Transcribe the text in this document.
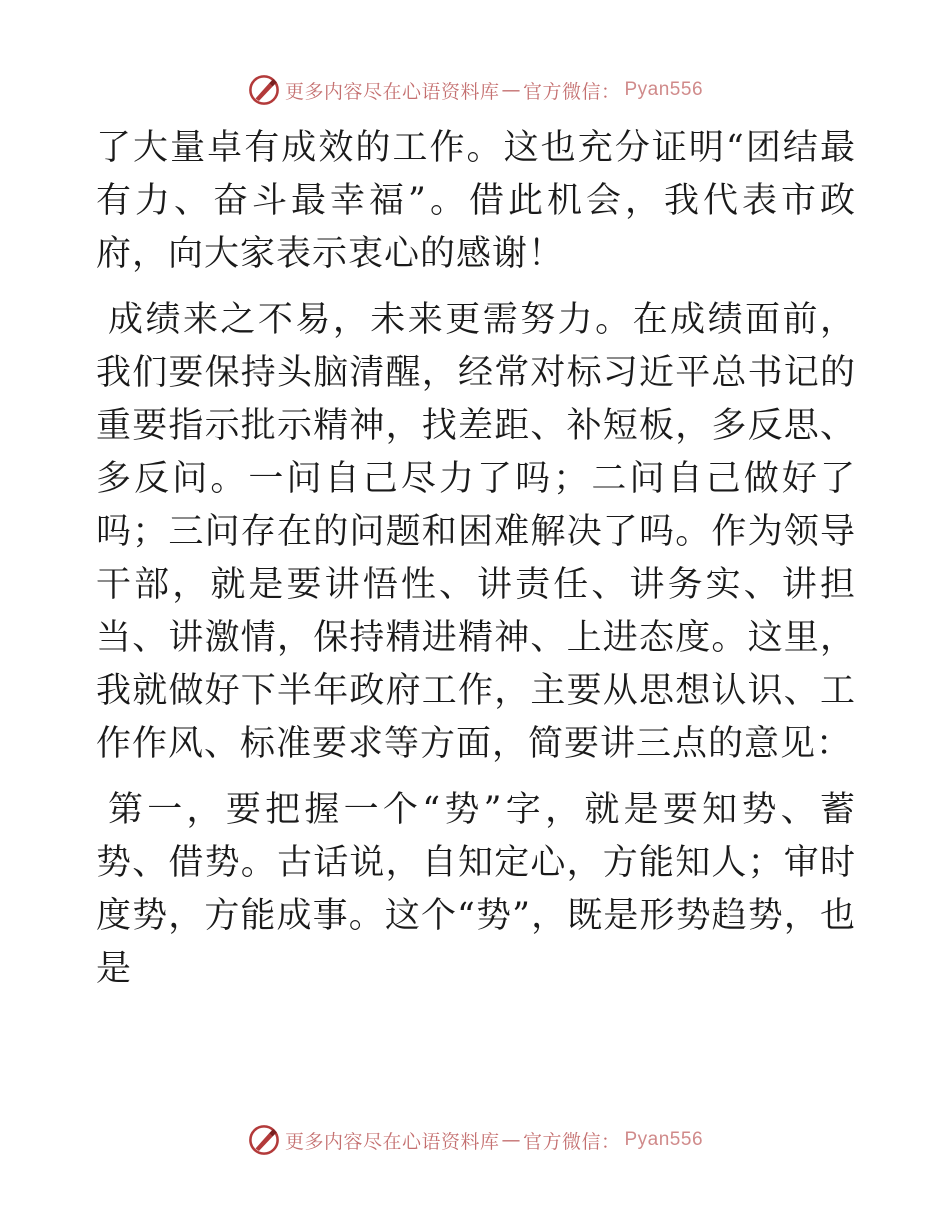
更多内容尽在心语资料库 — 官方微信： Pyan556

了大量卓有成效的工作。这也充分证明“团结最有力、奋斗最幸福”。借此机会，我代表市政府，向大家表示衷心的感谢！

成绩来之不易，未来更需努力。在成绩面前，我们要保持头脑清醒，经常对标习近平总书记的重要指示批示精神，找差距、补短板，多反思、多反问。一问自己尽力了吗；二问自己做好了吗；三问存在的问题和困难解决了吗。作为领导干部，就是要讲悟性、讲责任、讲务实、讲担当、讲激情，保持精进精神、上进态度。这里，我就做好下半年政府工作，主要从思想认识、工作作风、标准要求等方面，简要讲三点的意见：

第一，要把握一个“势”字，就是要知势、蓄势、借势。古话说，自知定心，方能知人；审时度势，方能成事。这个“势”，既是形势趋势，也是

更多内容尽在心语资料库 — 官方微信： Pyan556
